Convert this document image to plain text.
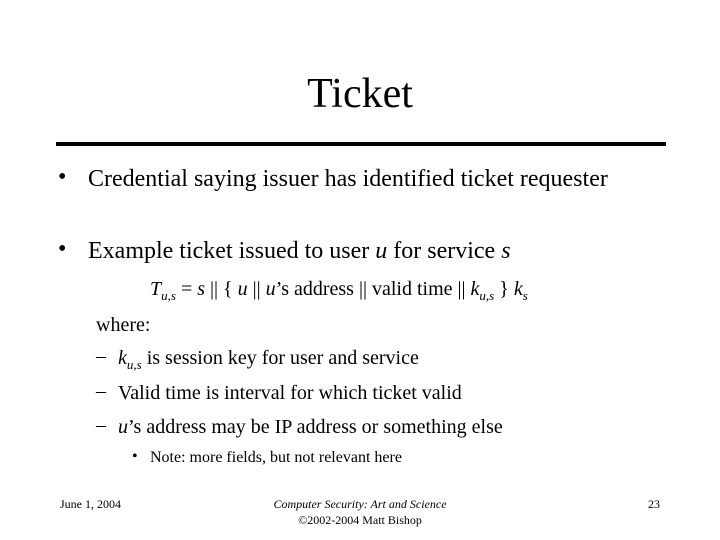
Ticket
• Credential saying issuer has identified ticket requester
• Example ticket issued to user u for service s
$T_{u,s} = s$ || { u || u’s address || valid time || $k_{u,s}$ } $k_s$
where:
– $k_{u,s}$ is session key for user and service
– Valid time is interval for which ticket valid
– u’s address may be IP address or something else
• Note: more fields, but not relevant here
June 1, 2004	Computer Security: Art and Science
©2002-2004 Matt Bishop
23
